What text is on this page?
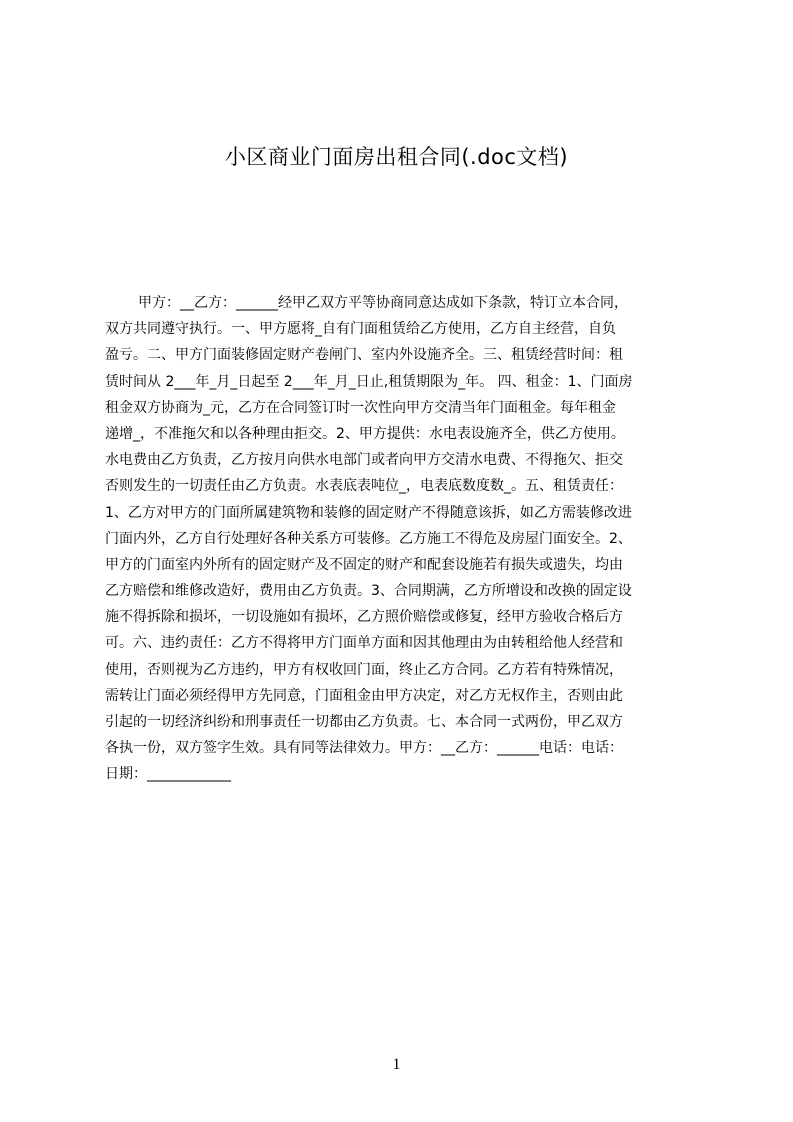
小区商业门面房出租合同(.doc文档)
甲方：__乙方：______经甲乙双方平等协商同意达成如下条款，特订立本合同，
双方共同遵守执行。一、甲方愿将_自有门面租赁给乙方使用，乙方自主经营，自负
盈亏。二、甲方门面装修固定财产卷闸门、室内外设施齐全。三、租赁经营时间：租
赁时间从 2___年_月_日起至 2___年_月_日止,租赁期限为_年。 四、租金：1、门面房
租金双方协商为_元，乙方在合同签订时一次性向甲方交清当年门面租金。每年租金
递增_，不准拖欠和以各种理由拒交。2、甲方提供：水电表设施齐全，供乙方使用。
水电费由乙方负责，乙方按月向供水电部门或者向甲方交清水电费、不得拖欠、拒交
否则发生的一切责任由乙方负责。水表底表吨位_，电表底数度数_。五、租赁责任：
1、乙方对甲方的门面所属建筑物和装修的固定财产不得随意该拆，如乙方需装修改进
门面内外，乙方自行处理好各种关系方可装修。乙方施工不得危及房屋门面安全。2、
甲方的门面室内外所有的固定财产及不固定的财产和配套设施若有损失或遗失，均由
乙方赔偿和维修改造好，费用由乙方负责。3、合同期满，乙方所增设和改换的固定设
施不得拆除和损坏，一切设施如有损坏，乙方照价赔偿或修复，经甲方验收合格后方
可。六、违约责任：乙方不得将甲方门面单方面和因其他理由为由转租给他人经营和
使用，否则视为乙方违约，甲方有权收回门面，终止乙方合同。乙方若有特殊情况，
需转让门面必须经得甲方先同意，门面租金由甲方决定，对乙方无权作主，否则由此
引起的一切经济纠纷和刑事责任一切都由乙方负责。七、本合同一式两份，甲乙双方
各执一份，双方签字生效。具有同等法律效力。甲方：__乙方：______电话：电话：
日期：____________
1
